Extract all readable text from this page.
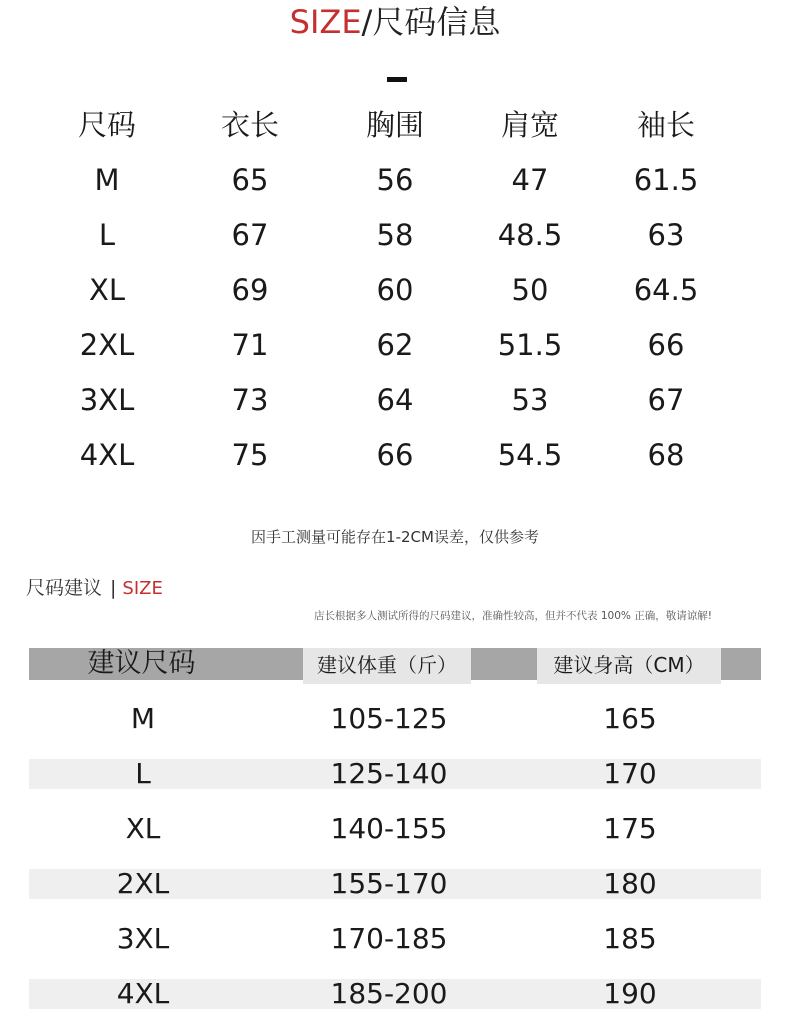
SIZE/尺码信息
尺码	衣长	胸围	肩宽	袖长
M	65	56	47	61.5
L	67	58	48.5	63
XL	69	60	50	64.5
2XL	71	62	51.5	66
3XL	73	64	53	67
4XL	75	66	54.5	68
因手工测量可能存在1-2CM误差，仅供参考
尺码建议 | SIZE
店长根据多人测试所得的尺码建议，准确性较高，但并不代表 100% 正确，敬请谅解!
建议尺码	建议体重（斤）	建议身高（CM）
M	105-125	165
L	125-140	170
XL	140-155	175
2XL	155-170	180
3XL	170-185	185
4XL	185-200	190
